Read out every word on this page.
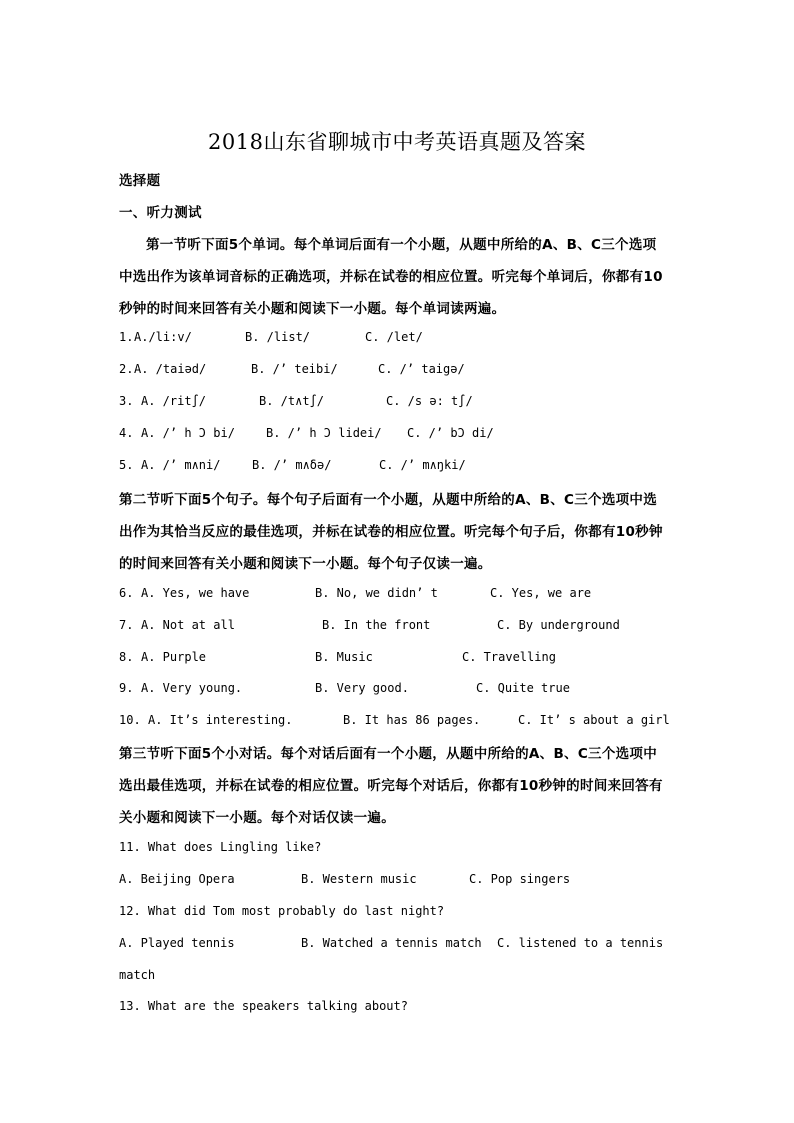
2018山东省聊城市中考英语真题及答案
选择题
一、听力测试
第一节听下面5个单词。每个单词后面有一个小题，从题中所给的A、B、C三个选项
中选出作为该单词音标的正确选项，并标在试卷的相应位置。听完每个单词后，你都有10
秒钟的时间来回答有关小题和阅读下一小题。每个单词读两遍。
1. A./li:v/	B. /list/	C. /let/
2. A. /taiəd/	B. /’ teibi/	C. /’ taigə/
3. A. /rit∫/	B. /t∧t∫/	C. /s ə: t∫/
4. A. /’ h Ɔ bi/	B. /’ h Ɔ lidei/ C. /’ bƆ di/
5. A. /’ m∧ni/	B. /’ m∧δə/	C. /’ m∧ŋki/
第二节听下面5个句子。每个句子后面有一个小题，从题中所给的A、B、C三个选项中选
出作为其恰当反应的最佳选项，并标在试卷的相应位置。听完每个句子后，你都有10秒钟
的时间来回答有关小题和阅读下一小题。每个句子仅读一遍。
6. A. Yes, we have	B. No, we didn’ t	C. Yes, we are
7. A. Not at all	B. In the front	C. By underground
8. A. Purple	B. Music	C. Travelling
9. A. Very young.	B. Very good.	C. Quite true
10. A. It’s interesting.	B. It has 86 pages.	C. It’ s about a girl
第三节听下面5个小对话。每个对话后面有一个小题，从题中所给的A、B、C三个选项中
选出最佳选项，并标在试卷的相应位置。听完每个对话后，你都有10秒钟的时间来回答有
关小题和阅读下一小题。每个对话仅读一遍。
11. What does Lingling like?
A. Beijing Opera	B. Western music	C. Pop singers
12. What did Tom most probably do last night?
A. Played tennis	B. Watched a tennis match C. listened to a tennis
match
13. What are the speakers talking about?
